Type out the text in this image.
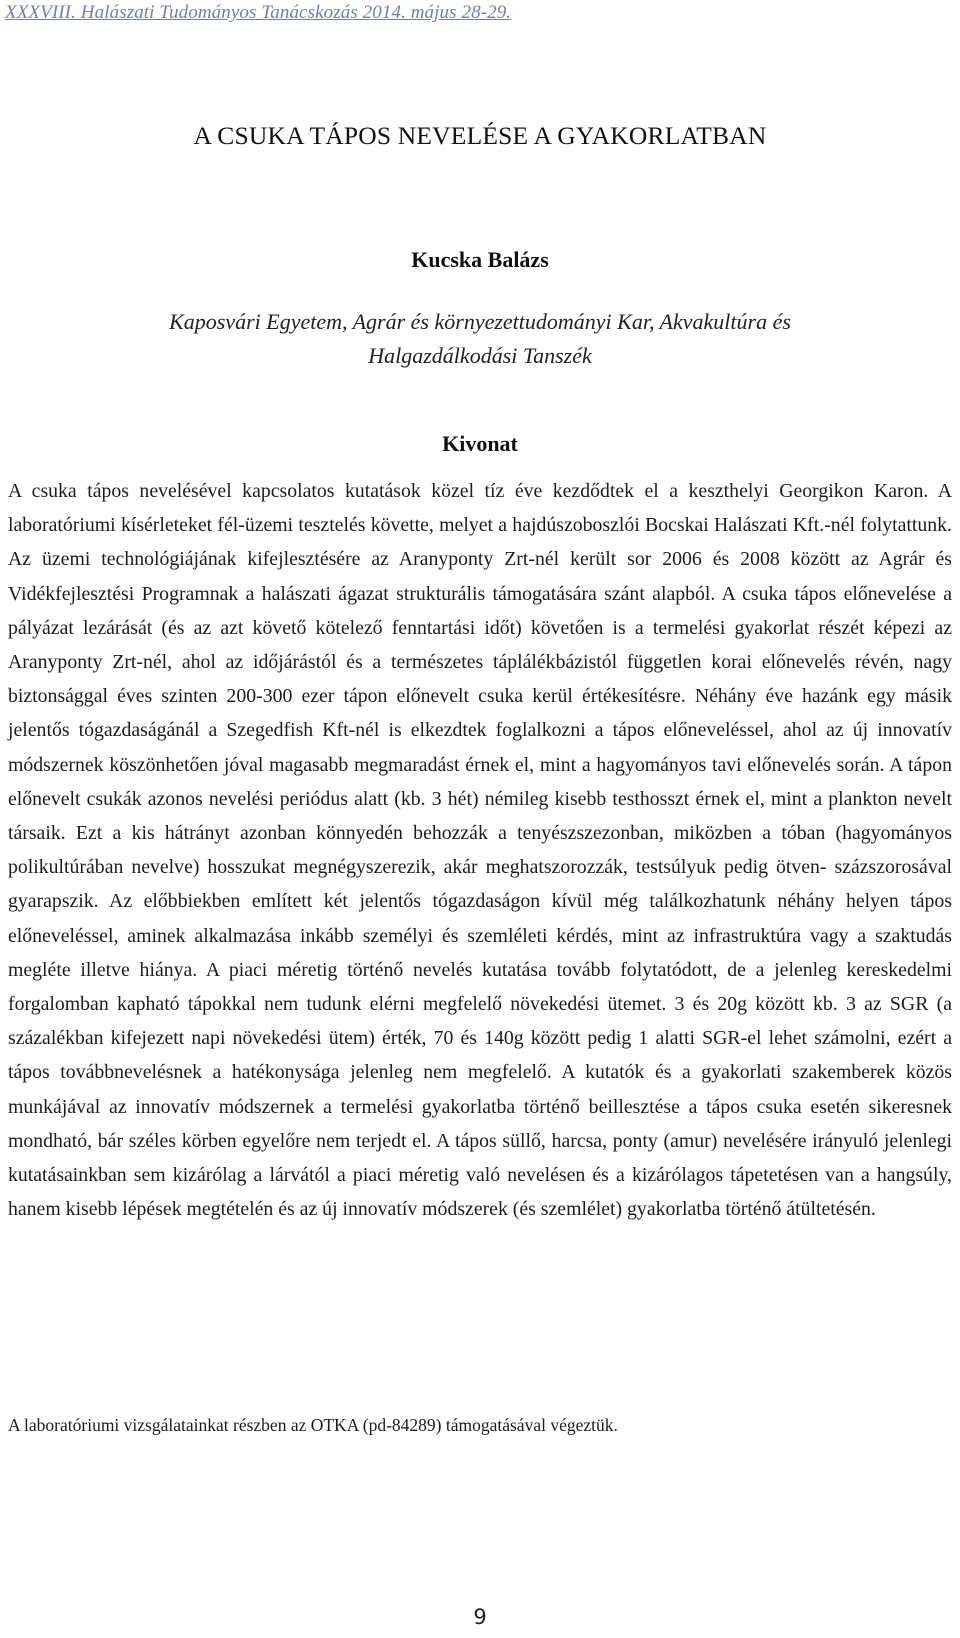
XXXVIII. Halászati Tudományos Tanácskozás 2014. május 28-29.
A CSUKA TÁPOS NEVELÉSE A GYAKORLATBAN
Kucska Balázs
Kaposvári Egyetem, Agrár és környezettudományi Kar, Akvakultúra és Halgazdálkodási Tanszék
Kivonat
A csuka tápos nevelésével kapcsolatos kutatások közel tíz éve kezdődtek el a keszthelyi Georgikon Karon. A laboratóriumi kísérleteket fél-üzemi tesztelés követte, melyet a hajdúszoboszlói Bocskai Halászati Kft.-nél folytattunk. Az üzemi technológiájának kifejlesztésére az Aranyponty Zrt-nél került sor 2006 és 2008 között az Agrár és Vidékfejlesztési Programnak a halászati ágazat strukturális támogatására szánt alapból. A csuka tápos előnevelése a pályázat lezárását (és az azt követő kötelező fenntartási időt) követően is a termelési gyakorlat részét képezi az Aranyponty Zrt-nél, ahol az időjárástól és a természetes táplálékbázistól független korai előnevelés révén, nagy biztonsággal éves szinten 200-300 ezer tápon előnevelt csuka kerül értékesítésre. Néhány éve hazánk egy másik jelentős tógazdaságánál a Szegedfish Kft-nél is elkezdtek foglalkozni a tápos előneveléssel, ahol az új innovatív módszernek köszönhetően jóval magasabb megmaradást érnek el, mint a hagyományos tavi előnevelés során. A tápon előnevelt csukák azonos nevelési periódus alatt (kb. 3 hét) némileg kisebb testhosszt érnek el, mint a plankton nevelt társaik. Ezt a kis hátrányt azonban könnyedén behozzák a tenyészszezonban, miközben a tóban (hagyományos polikultúrában nevelve) hosszukat megnégyszerezik, akár meghatszorozzák, testsúlyuk pedig ötven- százszorosával gyarapszik. Az előbbiekben említett két jelentős tógazdaságon kívül még találkozhatunk néhány helyen tápos előneveléssel, aminek alkalmazása inkább személyi és szemléleti kérdés, mint az infrastruktúra vagy a szaktudás megléte illetve hiánya. A piaci méretig történő nevelés kutatása tovább folytatódott, de a jelenleg kereskedelmi forgalomban kapható tápokkal nem tudunk elérni megfelelő növekedési ütemet. 3 és 20g között kb. 3 az SGR (a százalékban kifejezett napi növekedési ütem) érték, 70 és 140g között pedig 1 alatti SGR-el lehet számolni, ezért a tápos továbbnevelésnek a hatékonysága jelenleg nem megfelelő. A kutatók és a gyakorlati szakemberek közös munkájával az innovatív módszernek a termelési gyakorlatba történő beillesztése a tápos csuka esetén sikeresnek mondható, bár széles körben egyelőre nem terjedt el. A tápos süllő, harcsa, ponty (amur) nevelésére irányuló jelenlegi kutatásainkban sem kizárólag a lárvától a piaci méretig való nevelésen és a kizárólagos tápetetésen van a hangsúly, hanem kisebb lépések megtételén és az új innovatív módszerek (és szemlélet) gyakorlatba történő átültetésén.
A laboratóriumi vizsgálatainkat részben az OTKA (pd-84289) támogatásával végeztük.
9
